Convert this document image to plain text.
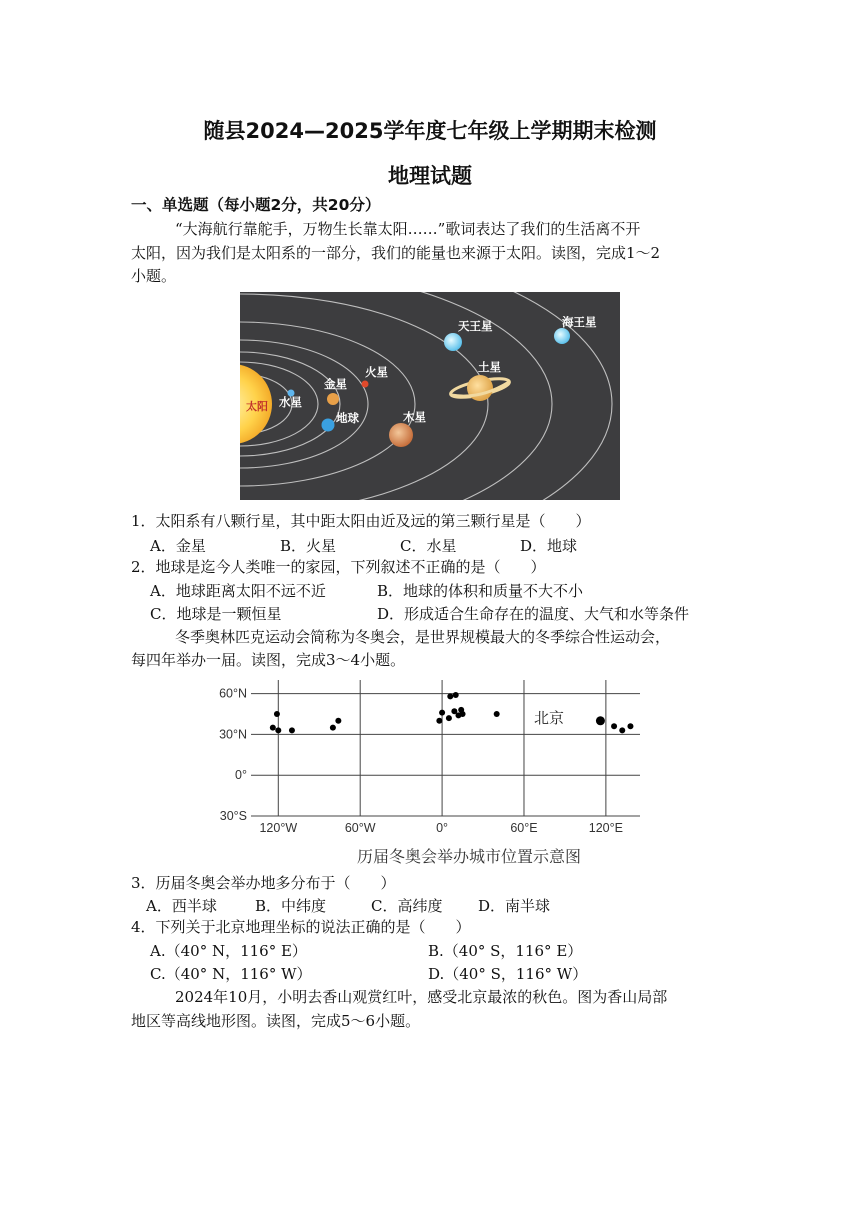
随县2024—2025学年度七年级上学期期末检测
地理试题
一、单选题（每小题2分，共20分）
“大海航行靠舵手，万物生长靠太阳……”歌词表达了我们的生活离不开
太阳，因为我们是太阳系的一部分，我们的能量也来源于太阳。读图，完成1～2
小题。
太阳 水星
金星
地球
火星
木星
土星
天王星	海王星
1．太阳系有八颗行星，其中距太阳由近及远的第三颗行星是（　　）
A．金星	B．火星	C．水星	D．地球
2．地球是迄今人类唯一的家园，下列叙述不正确的是（　　）
A．地球距离太阳不远不近	B．地球的体积和质量不大不小
C．地球是一颗恒星	D．形成适合生命存在的温度、大气和水等条件
冬季奥林匹克运动会简称为冬奥会，是世界规模最大的冬季综合性运动会，
每四年举办一届。读图，完成3～4小题。
60°N
30°N
0°
30°S
120°W	60°W	0°	60°E	120°E
北京
历届冬奥会举办城市位置示意图
3．历届冬奥会举办地多分布于（　　）
A．西半球	B．中纬度	C．高纬度 D．南半球
4．下列关于北京地理坐标的说法正确的是（　　）
A.（40° N，116° E）	B.（40° S，116° E）
C.（40° N，116° W）	D.（40° S，116° W）
2024年10月，小明去香山观赏红叶，感受北京最浓的秋色。图为香山局部
地区等高线地形图。读图，完成5～6小题。
